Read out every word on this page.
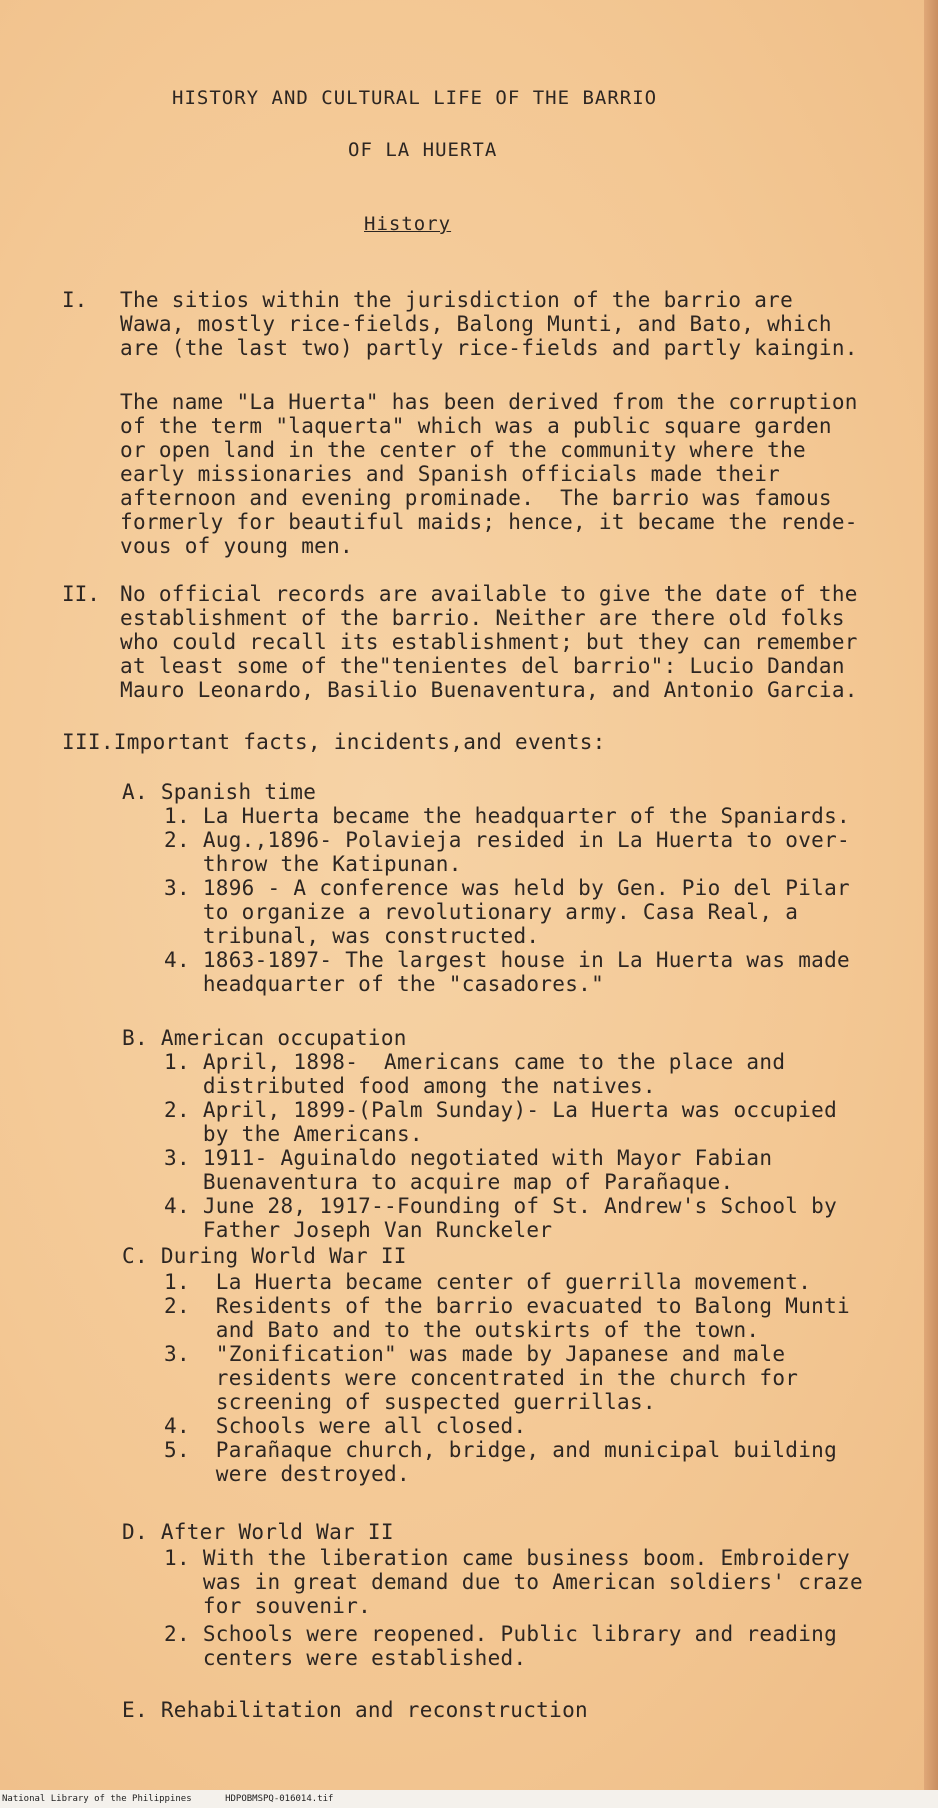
HISTORY AND CULTURAL LIFE OF THE BARRIO
OF LA HUERTA
History
I. The sitios within the jurisdiction of the barrio are
Wawa, mostly rice-fields, Balong Munti, and Bato, which
are (the last two) partly rice-fields and partly kaingin.
The name "La Huerta" has been derived from the corruption
of the term "laquerta" which was a public square garden
or open land in the center of the community where the
early missionaries and Spanish officials made their
afternoon and evening prominade.  The barrio was famous
formerly for beautiful maids; hence, it became the rende-
vous of young men.
II. No official records are available to give the date of the
establishment of the barrio. Neither are there old folks
who could recall its establishment; but they can remember
at least some of the"tenientes del barrio": Lucio Dandan
Mauro Leonardo, Basilio Buenaventura, and Antonio Garcia.
III.Important facts, incidents,and events:
A. Spanish time
1. La Huerta became the headquarter of the Spaniards.
2. Aug.,1896- Polavieja resided in La Huerta to over-
throw the Katipunan.
3. 1896 - A conference was held by Gen. Pio del Pilar
to organize a revolutionary army. Casa Real, a
tribunal, was constructed.
4. 1863-1897- The largest house in La Huerta was made
headquarter of the "casadores."
B. American occupation
1. April, 1898-  Americans came to the place and
distributed food among the natives.
2. April, 1899-(Palm Sunday)- La Huerta was occupied
by the Americans.
3. 1911- Aguinaldo negotiated with Mayor Fabian
Buenaventura to acquire map of Parañaque.
4. June 28, 1917--Founding of St. Andrew's School by
Father Joseph Van Runckeler
C. During World War II
1.  La Huerta became center of guerrilla movement.
2.  Residents of the barrio evacuated to Balong Munti
and Bato and to the outskirts of the town.
3.  "Zonification" was made by Japanese and male
residents were concentrated in the church for
screening of suspected guerrillas.
4.  Schools were all closed.
5.  Parañaque church, bridge, and municipal building
were destroyed.
D. After World War II
1. With the liberation came business boom. Embroidery
was in great demand due to American soldiers' craze
for souvenir.
2. Schools were reopened. Public library and reading
centers were established.
E. Rehabilitation and reconstruction
National Library of the Philippines	HDPOBMSPQ-016014.tif
